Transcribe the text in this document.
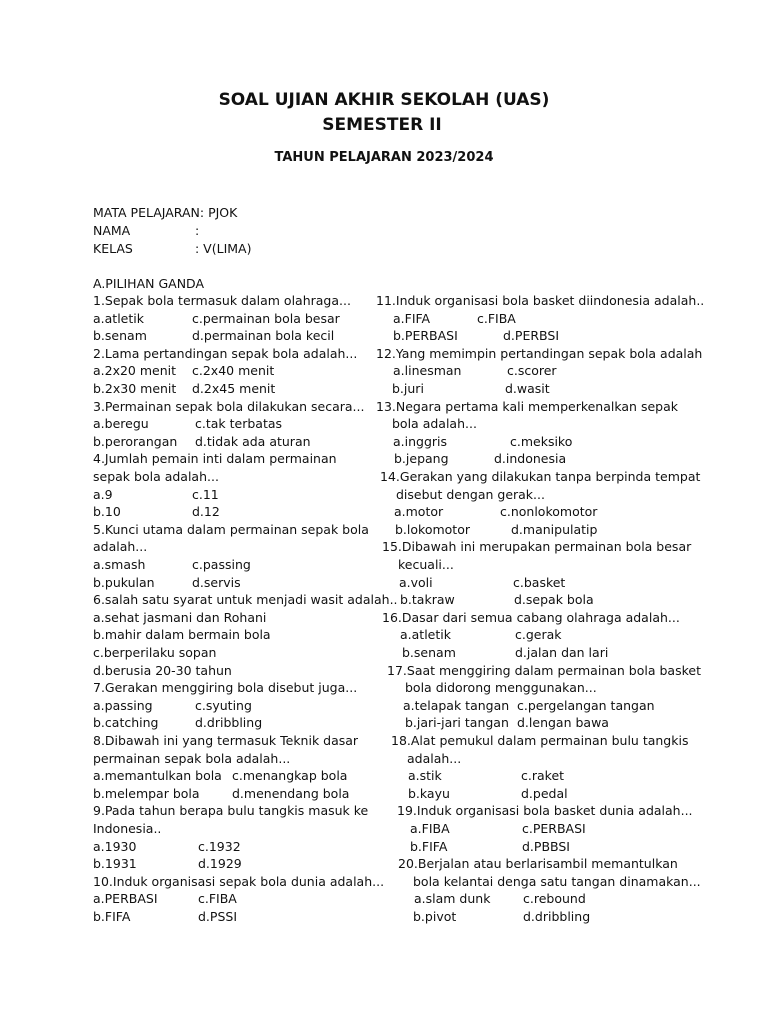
SOAL UJIAN AKHIR SEKOLAH (UAS)
SEMESTER II
TAHUN PELAJARAN 2023/2024
MATA PELAJARAN: PJOK
NAMA	:
KELAS	: V(LIMA)
A.PILIHAN GANDA
1.Sepak bola termasuk dalam olahraga...
a.atletik	c.permainan bola besar
b.senam	d.permainan bola kecil
2.Lama pertandingan sepak bola adalah...
a.2x20 menit c.2x40 menit
b.2x30 menit d.2x45 menit
3.Permainan sepak bola dilakukan secara...
a.beregu	c.tak terbatas
b.perorangan d.tidak ada aturan
4.Jumlah pemain inti dalam permainan
sepak bola adalah...
a.9	c.11
b.10	d.12
5.Kunci utama dalam permainan sepak bola
adalah...
a.smash	c.passing
b.pukulan	d.servis
6.salah satu syarat untuk menjadi wasit adalah..
a.sehat jasmani dan Rohani
b.mahir dalam bermain bola
c.berperilaku sopan
d.berusia 20-30 tahun
7.Gerakan menggiring bola disebut juga...
a.passing	c.syuting
b.catching	d.dribbling
8.Dibawah ini yang termasuk Teknik dasar
permainan sepak bola adalah...
a.memantulkan bola c.menangkap bola
b.melempar bola	d.menendang bola
9.Pada tahun berapa bulu tangkis masuk ke
Indonesia..
a.1930	c.1932
b.1931	d.1929
10.Induk organisasi sepak bola dunia adalah...
a.PERBASI	c.FIBA
b.FIFA	d.PSSI
11.Induk organisasi bola basket diindonesia adalah..
a.FIFA	c.FIBA
b.PERBASI	d.PERBSI
12.Yang memimpin pertandingan sepak bola adalah
a.linesman	c.scorer
b.juri	d.wasit
13.Negara pertama kali memperkenalkan sepak
bola adalah...
a.inggris	c.meksiko
b.jepang	d.indonesia
14.Gerakan yang dilakukan tanpa berpinda tempat
disebut dengan gerak...
a.motor	c.nonlokomotor
b.lokomotor	d.manipulatip
15.Dibawah ini merupakan permainan bola besar
kecuali...
a.voli	c.basket
b.takraw	d.sepak bola
16.Dasar dari semua cabang olahraga adalah...
a.atletik	c.gerak
b.senam	d.jalan dan lari
17.Saat menggiring dalam permainan bola basket
bola didorong menggunakan...
a.telapak tangan c.pergelangan tangan
b.jari-jari tangan d.lengan bawa
18.Alat pemukul dalam permainan bulu tangkis
adalah...
a.stik	c.raket
b.kayu	d.pedal
19.Induk organisasi bola basket dunia adalah...
a.FIBA	c.PERBASI
b.FIFA	d.PBBSI
20.Berjalan atau berlarisambil memantulkan
bola kelantai denga satu tangan dinamakan...
a.slam dunk	c.rebound
b.pivot	d.dribbling
